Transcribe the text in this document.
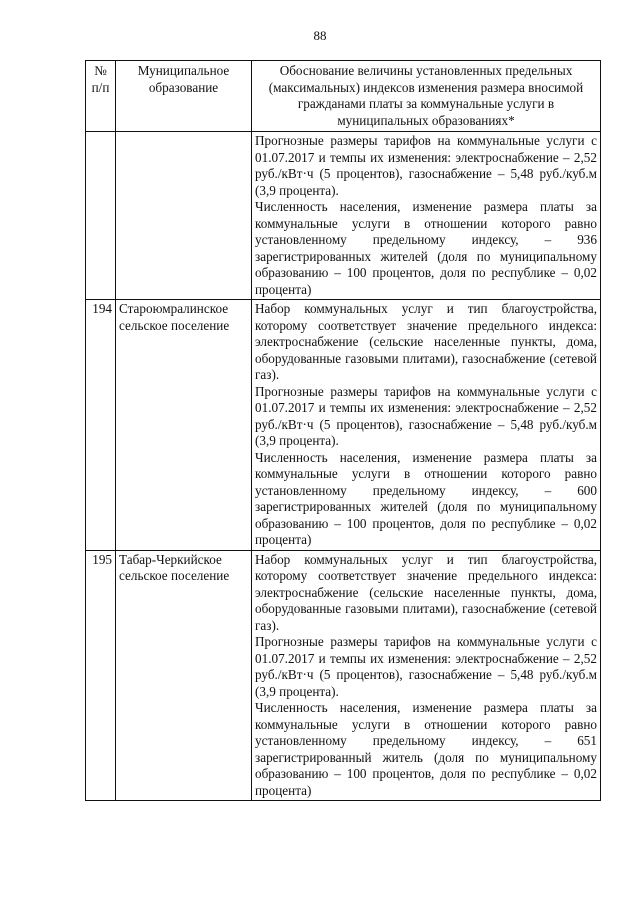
88
№ п/п	Муниципальное образование	Обоснование величины установленных предельных (максимальных) индексов изменения размера вносимой гражданами платы за коммунальные услуги в муниципальных образованиях*

		Прогнозные размеры тарифов на коммунальные услуги с 01.07.2017 и темпы их изменения: электроснабжение – 2,52 руб./кВт·ч (5 процентов), газоснабжение – 5,48 руб./куб.м (3,9 процента).

Численность населения, изменение размера платы за коммунальные услуги в отношении которого равно установленному предельному индексу, – 936 зарегистрированных жителей (доля по муниципальному образованию – 100 процентов, доля по республике – 0,02 процента)

194	Староюмралинское сельское поселение	Набор коммунальных услуг и тип благоустройства, которому соответствует значение предельного индекса: электроснабжение (сельские населенные пункты, дома, оборудованные газовыми плитами), газоснабжение (сетевой газ).

Прогнозные размеры тарифов на коммунальные услуги с 01.07.2017 и темпы их изменения: электроснабжение – 2,52 руб./кВт·ч (5 процентов), газоснабжение – 5,48 руб./куб.м (3,9 процента).

Численность населения, изменение размера платы за коммунальные услуги в отношении которого равно установленному предельному индексу, – 600 зарегистрированных жителей (доля по муниципальному образованию – 100 процентов, доля по республике – 0,02 процента)

195	Табар-Черкийское сельское поселение	Набор коммунальных услуг и тип благоустройства, которому соответствует значение предельного индекса: электроснабжение (сельские населенные пункты, дома, оборудованные газовыми плитами), газоснабжение (сетевой газ).

Прогнозные размеры тарифов на коммунальные услуги с 01.07.2017 и темпы их изменения: электроснабжение – 2,52 руб./кВт·ч (5 процентов), газоснабжение – 5,48 руб./куб.м (3,9 процента).

Численность населения, изменение размера платы за коммунальные услуги в отношении которого равно установленному предельному индексу, – 651 зарегистрированный житель (доля по муниципальному образованию – 100 процентов, доля по республике – 0,02 процента)
